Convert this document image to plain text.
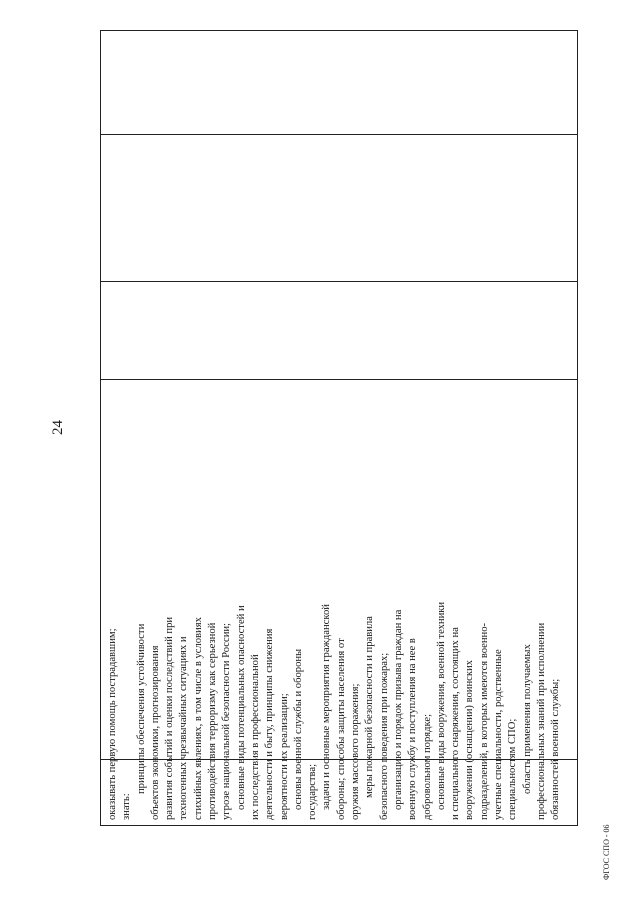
24
ФГОС СПО - 06

оказывать первую помощь пострадавшим; знать:

принципы обеспечения устойчивости объектов экономики, прогнозирования развития событий и оценки последствий при техногенных чрезвычайных ситуациях и стихийных явлениях, в том числе в условиях противодействия терроризму как серьезной угрозе национальной безопасности России; основные виды потенциальных опасностей и их последствия в профессиональной деятельности и быту, принципы снижения вероятности их реализации; основы военной службы и обороны государства; задачи и основные мероприятия гражданской обороны; способы защиты населения от оружия массового поражения; меры пожарной безопасности и правила безопасного поведения при пожарах; организацию и порядок призыва граждан на военную службу и поступления на нее в добровольном порядке; основные виды вооружения, военной техники и специального снаряжения, состоящих на вооружении (оснащении) воинских подразделений, в которых имеются военно- учетные специальности, родственные специальностям СПО; область применения получаемых профессиональных знаний при исполнении обязанностей военной службы;
